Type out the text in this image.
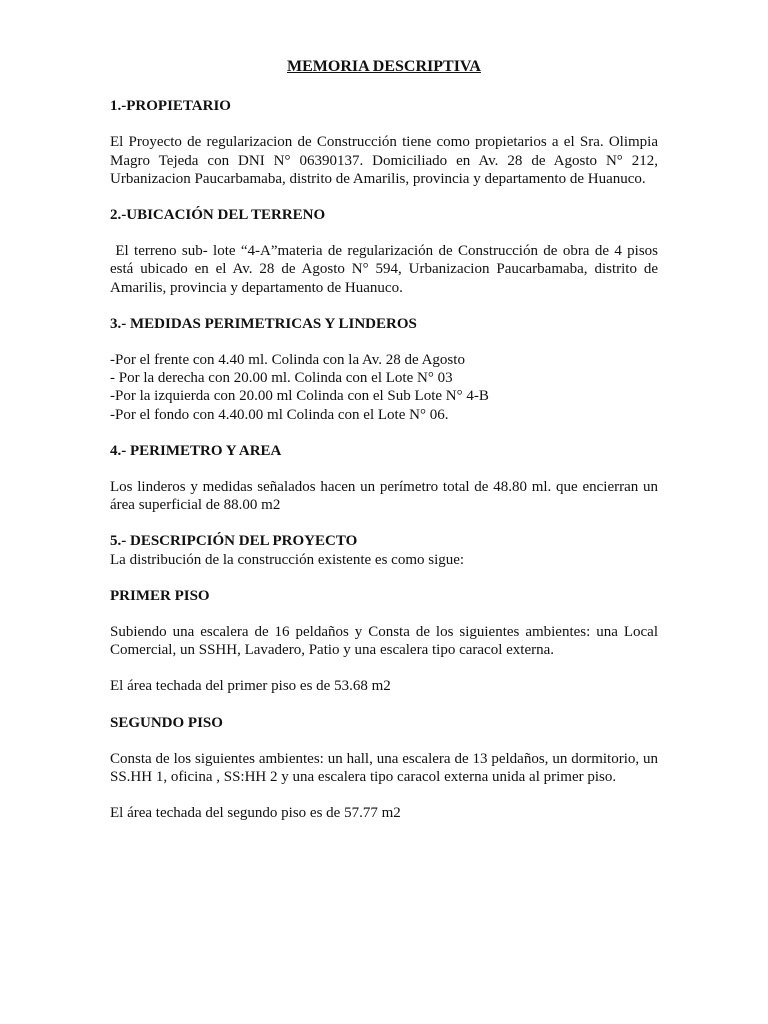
MEMORIA DESCRIPTIVA
1.-PROPIETARIO
El Proyecto de regularizacion de Construcción tiene como propietarios a el Sra. Olimpia Magro Tejeda con DNI N° 06390137. Domiciliado en Av. 28 de Agosto N° 212, Urbanizacion Paucarbamaba, distrito de Amarilis, provincia y departamento de Huanuco.
2.-UBICACIÓN DEL TERRENO
El terreno sub- lote “4-A”materia de regularización de Construcción de obra de 4 pisos está ubicado en el Av. 28 de Agosto N° 594, Urbanizacion Paucarbamaba, distrito de Amarilis, provincia y departamento de Huanuco.
3.- MEDIDAS PERIMETRICAS Y LINDEROS
-Por el frente con 4.40 ml. Colinda con la Av. 28 de Agosto
- Por la derecha con 20.00 ml. Colinda con el Lote N° 03
-Por la izquierda con 20.00 ml Colinda con el Sub Lote N° 4-B
-Por el fondo con 4.40.00 ml Colinda con el Lote N° 06.
4.- PERIMETRO Y AREA
Los linderos y medidas señalados hacen un perímetro total de 48.80 ml. que encierran un área superficial de 88.00 m2
5.- DESCRIPCIÓN DEL PROYECTO
La distribución de la construcción existente es como sigue:
PRIMER PISO
Subiendo una escalera de 16 peldaños y Consta de los siguientes ambientes: una Local Comercial, un SSHH, Lavadero, Patio y una escalera tipo caracol externa.
El área techada del primer piso es de 53.68 m2
SEGUNDO PISO
Consta de los siguientes ambientes: un hall, una escalera de 13 peldaños, un dormitorio, un SS.HH 1, oficina , SS:HH 2 y una escalera tipo caracol externa unida al primer piso.
El área techada del segundo piso es de 57.77 m2
